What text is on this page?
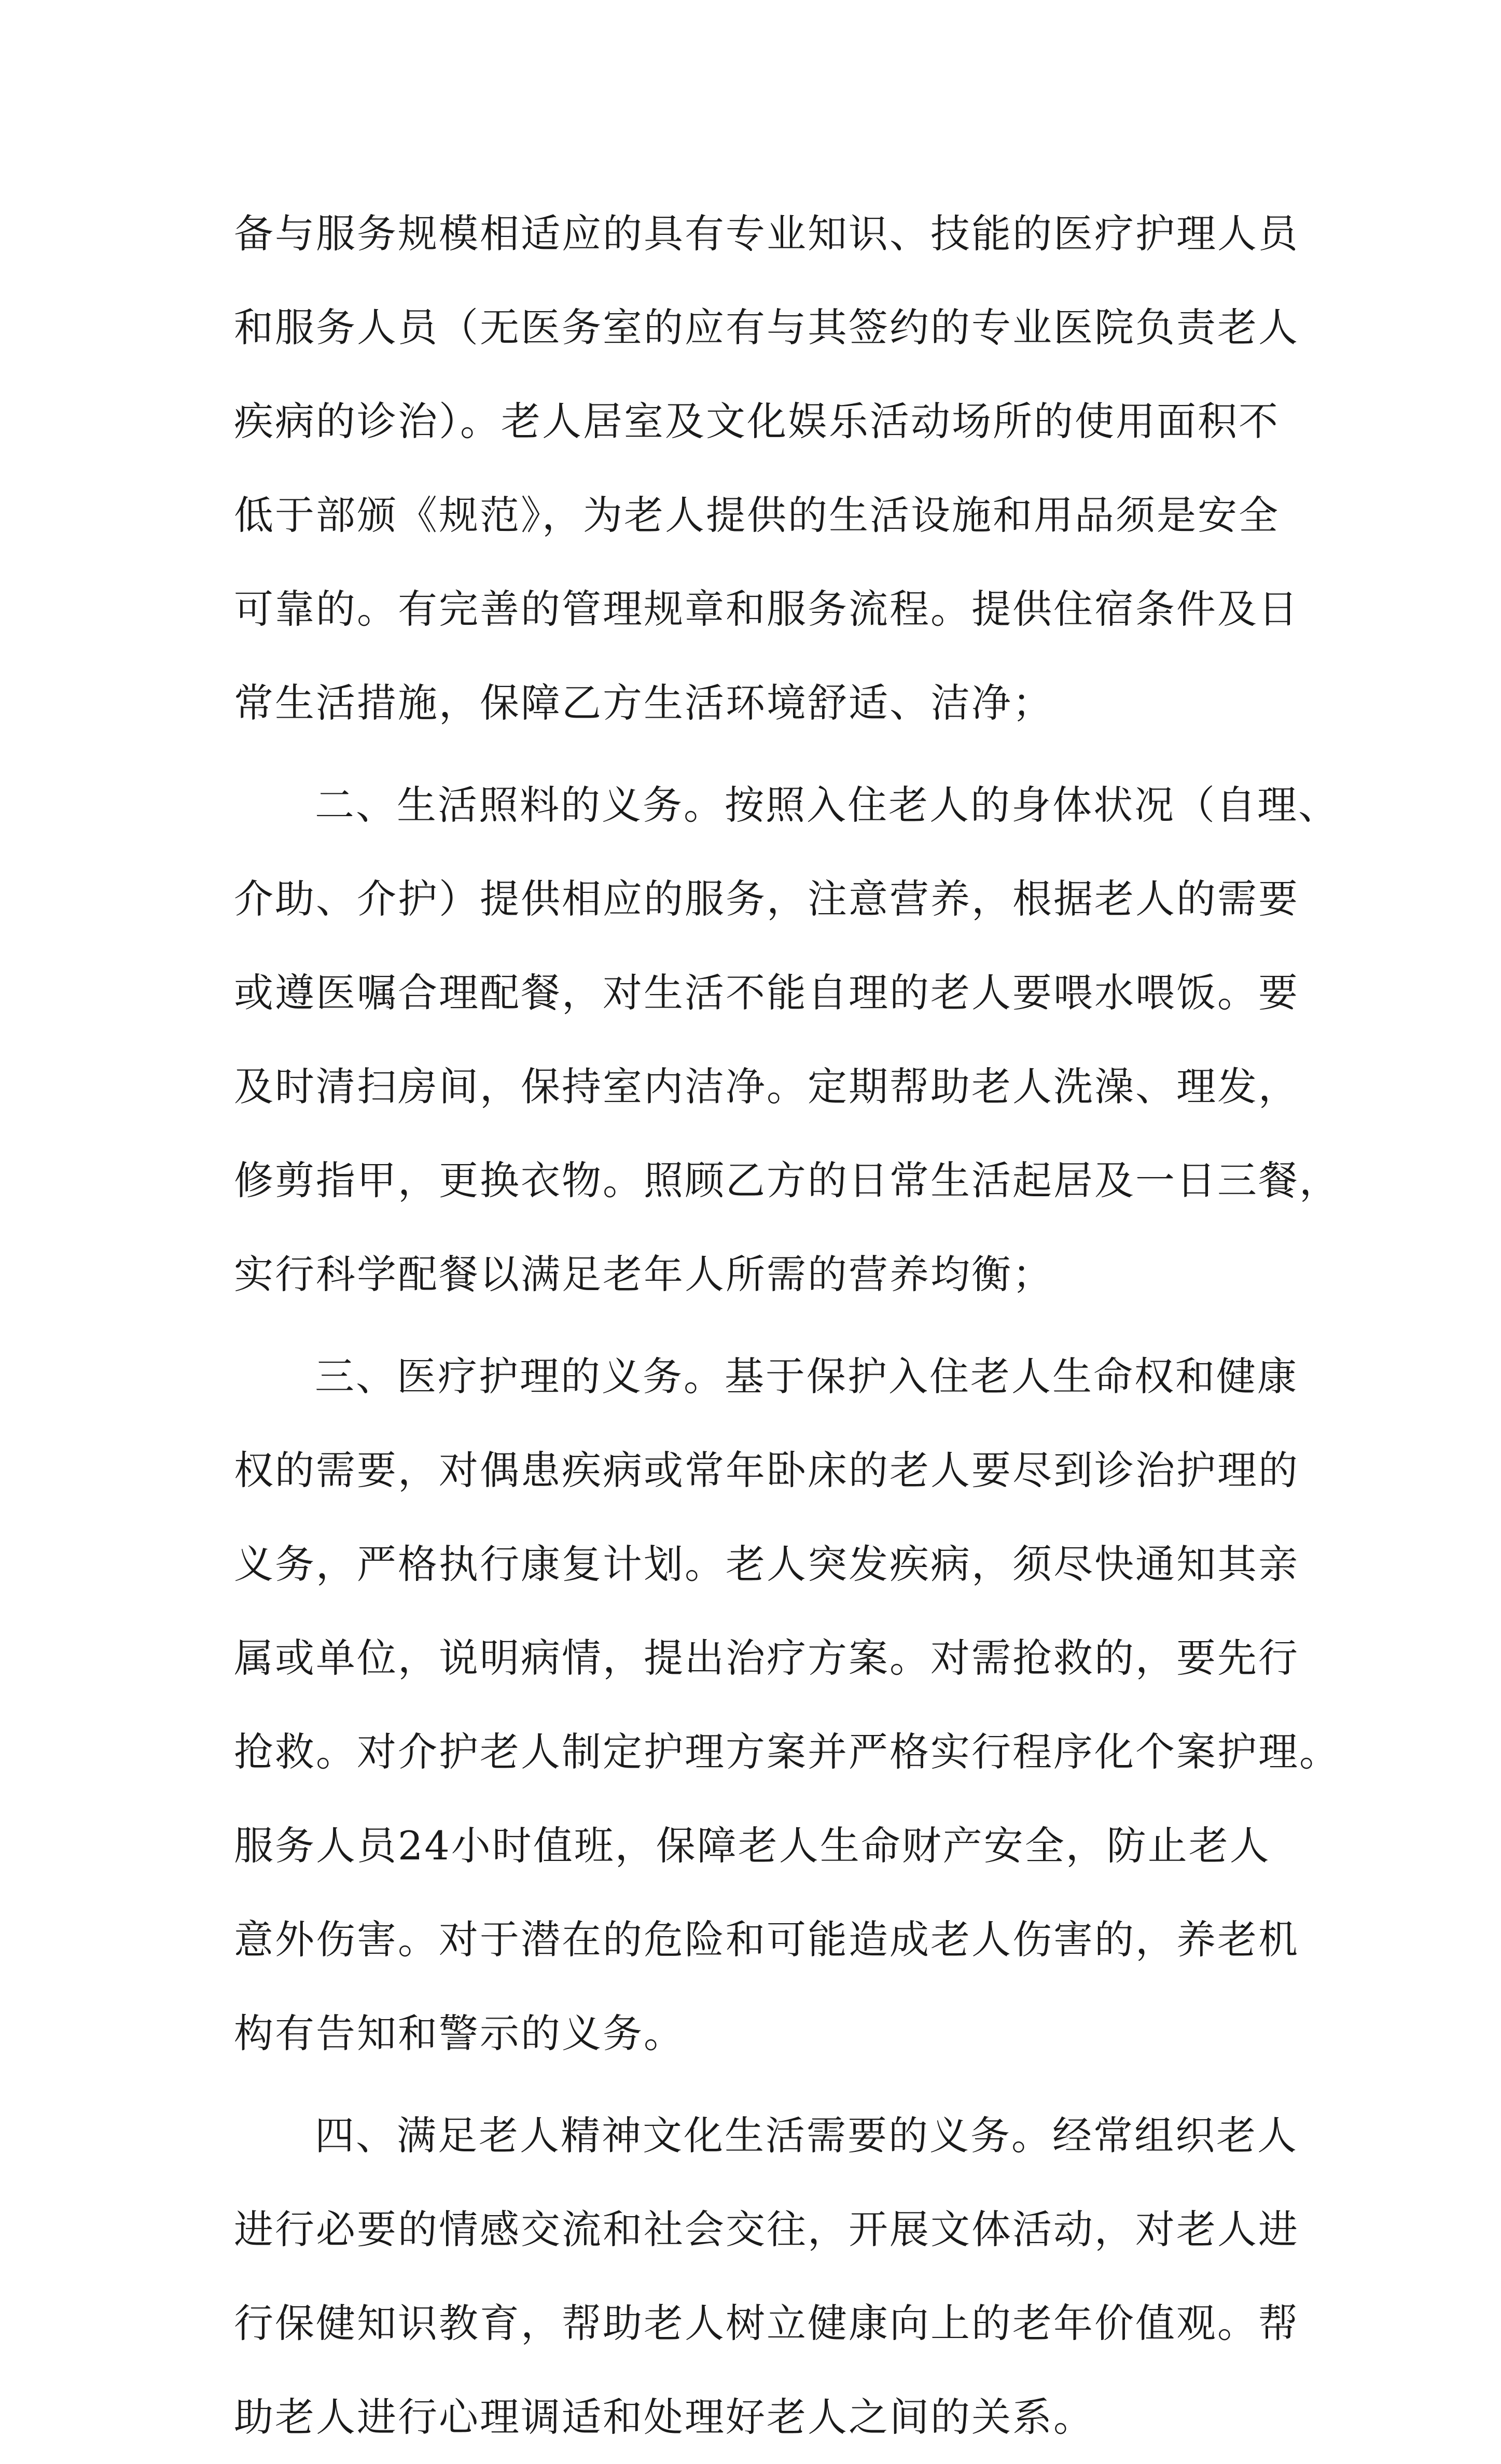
备与服务规模相适应的具有专业知识、技能的医疗护理人员
和服务人员（无医务室的应有与其签约的专业医院负责老人
疾病的诊治）。老人居室及文化娱乐活动场所的使用面积不
低于部颁《规范》，为老人提供的生活设施和用品须是安全
可靠的。有完善的管理规章和服务流程。提供住宿条件及日
常生活措施，保障乙方生活环境舒适、洁净；
二、生活照料的义务。按照入住老人的身体状况（自理、
介助、介护）提供相应的服务，注意营养，根据老人的需要
或遵医嘱合理配餐，对生活不能自理的老人要喂水喂饭。要
及时清扫房间，保持室内洁净。定期帮助老人洗澡、理发，
修剪指甲，更换衣物。照顾乙方的日常生活起居及一日三餐，
实行科学配餐以满足老年人所需的营养均衡；
三、医疗护理的义务。基于保护入住老人生命权和健康
权的需要，对偶患疾病或常年卧床的老人要尽到诊治护理的
义务，严格执行康复计划。老人突发疾病，须尽快通知其亲
属或单位，说明病情，提出治疗方案。对需抢救的，要先行
抢救。对介护老人制定护理方案并严格实行程序化个案护理。
服务人员24小时值班，保障老人生命财产安全，防止老人
意外伤害。对于潜在的危险和可能造成老人伤害的，养老机
构有告知和警示的义务。
四、满足老人精神文化生活需要的义务。经常组织老人
进行必要的情感交流和社会交往，开展文体活动，对老人进
行保健知识教育，帮助老人树立健康向上的老年价值观。帮
助老人进行心理调适和处理好老人之间的关系。
